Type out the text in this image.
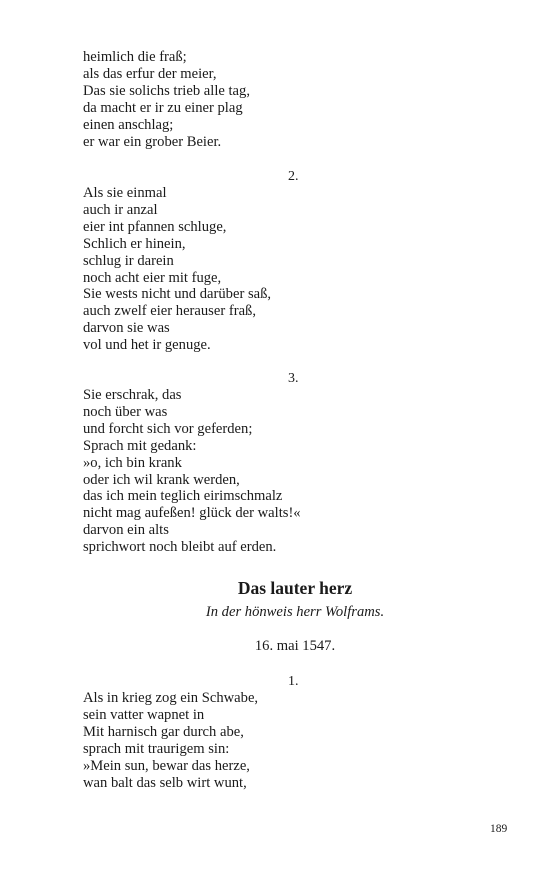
heimlich die fraß;
als das erfur der meier,
Das sie solichs trieb alle tag,
da macht er ir zu einer plag
einen anschlag;
er war ein grober Beier.
2.
Als sie einmal
auch ir anzal
eier int pfannen schluge,
Schlich er hinein,
schlug ir darein
noch acht eier mit fuge,
Sie wests nicht und darüber saß,
auch zwelf eier herauser fraß,
darvon sie was
vol und het ir genuge.
3.
Sie erschrak, das
noch über was
und forcht sich vor geferden;
Sprach mit gedank:
»o, ich bin krank
oder ich wil krank werden,
das ich mein teglich eirimschmalz
nicht mag aufeßen! glück der walts!«
darvon ein alts
sprichwort noch bleibt auf erden.
Das lauter herz
In der hönweis herr Wolframs.
16. mai 1547.
1.
Als in krieg zog ein Schwabe,
sein vatter wapnet in
Mit harnisch gar durch abe,
sprach mit traurigem sin:
»Mein sun, bewar das herze,
wan balt das selb wirt wunt,
189
